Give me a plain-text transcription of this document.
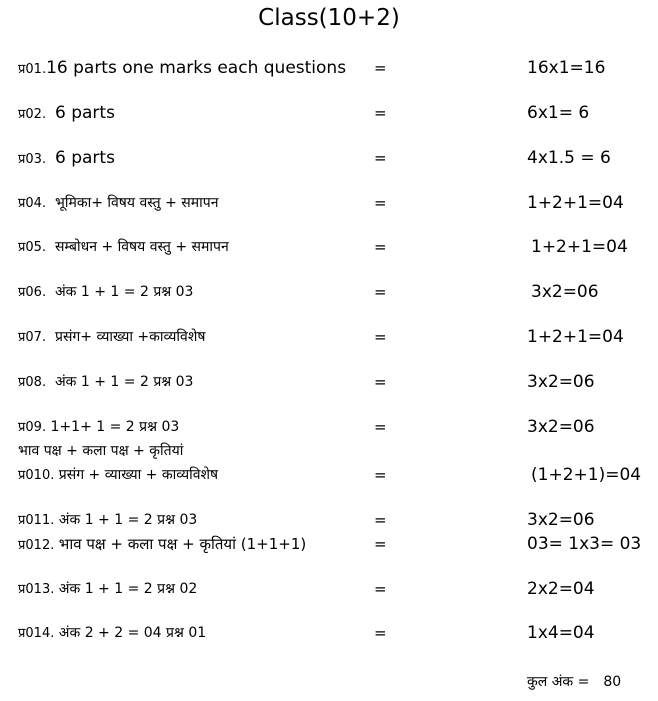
Class(10+2)
प्र01.16 parts one marks each questions =	16x1=16
प्र02. 6 parts	=	6x1= 6
प्र03. 6 parts	=	4x1.5 = 6
प्र04. भूमिका+ विषय वस्तु + समापन	=	1+2+1=04
प्र05. सम्बोधन + विषय वस्तु + समापन	=	1+2+1=04
प्र06. अंक 1 + 1 = 2 प्रश्न 03	=	3x2=06
प्र07. प्रसंग+ व्याख्या +काव्यविशेष	=	1+2+1=04
प्र08. अंक 1 + 1 = 2 प्रश्न 03	=	3x2=06
प्र09. 1+1+ 1 = 2 प्रश्न 03	=	3x2=06
भाव पक्ष + कला पक्ष + कृतियां
प्र010. प्रसंग + व्याख्या + काव्यविशेष	=	(1+2+1)=04
प्र011. अंक 1 + 1 = 2 प्रश्न 03	=	3x2=06
प्र012. भाव पक्ष + कला पक्ष + कृतियां (1+1+1)	=	03= 1x3= 03
प्र013. अंक 1 + 1 = 2 प्रश्न 02	=	2x2=04
प्र014. अंक 2 + 2 = 04 प्रश्न 01	=	1x4=04
कुल अंक = 80
